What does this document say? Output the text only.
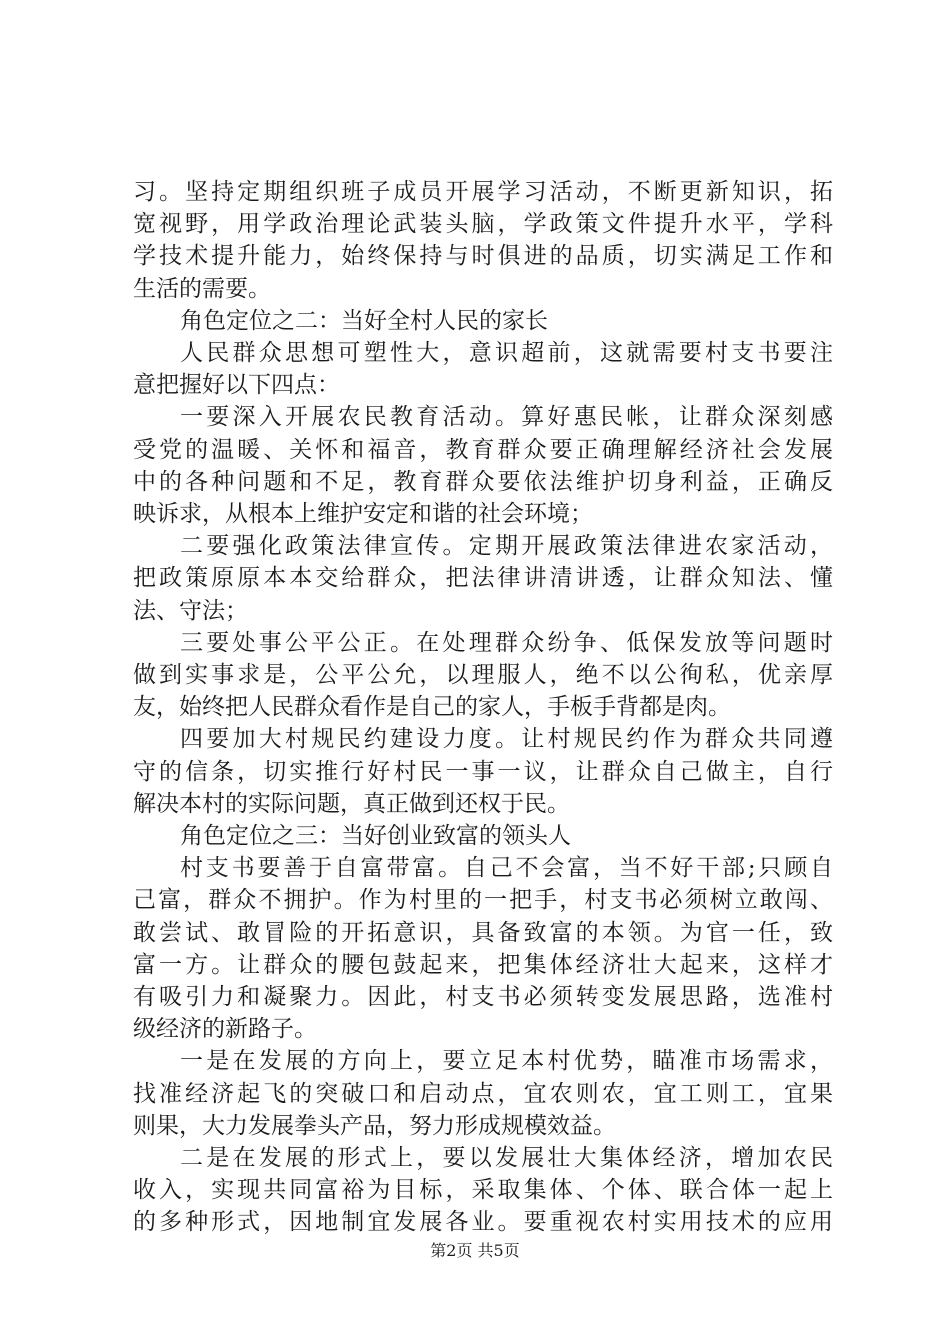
习。坚持定期组织班子成员开展学习活动，不断更新知识，拓
宽视野，用学政治理论武装头脑，学政策文件提升水平，学科
学技术提升能力，始终保持与时俱进的品质，切实满足工作和
生活的需要。
角色定位之二：当好全村人民的家长
人民群众思想可塑性大，意识超前，这就需要村支书要注
意把握好以下四点：
一要深入开展农民教育活动。算好惠民帐，让群众深刻感
受党的温暖、关怀和福音，教育群众要正确理解经济社会发展
中的各种问题和不足，教育群众要依法维护切身利益，正确反
映诉求，从根本上维护安定和谐的社会环境；
二要强化政策法律宣传。定期开展政策法律进农家活动，
把政策原原本本交给群众，把法律讲清讲透，让群众知法、懂
法、守法；
三要处事公平公正。在处理群众纷争、低保发放等问题时
做到实事求是，公平公允，以理服人，绝不以公徇私，优亲厚
友，始终把人民群众看作是自己的家人，手板手背都是肉。
四要加大村规民约建设力度。让村规民约作为群众共同遵
守的信条，切实推行好村民一事一议，让群众自己做主，自行
解决本村的实际问题，真正做到还权于民。
角色定位之三：当好创业致富的领头人
村支书要善于自富带富。自己不会富，当不好干部;只顾自
己富，群众不拥护。作为村里的一把手，村支书必须树立敢闯、
敢尝试、敢冒险的开拓意识，具备致富的本领。为官一任，致
富一方。让群众的腰包鼓起来，把集体经济壮大起来，这样才
有吸引力和凝聚力。因此，村支书必须转变发展思路，选准村
级经济的新路子。
一是在发展的方向上，要立足本村优势，瞄准市场需求，
找准经济起飞的突破口和启动点，宜农则农，宜工则工，宜果
则果，大力发展拳头产品，努力形成规模效益。
二是在发展的形式上，要以发展壮大集体经济，增加农民
收入，实现共同富裕为目标，采取集体、个体、联合体一起上
的多种形式，因地制宜发展各业。要重视农村实用技术的应用
第2页 共5页
